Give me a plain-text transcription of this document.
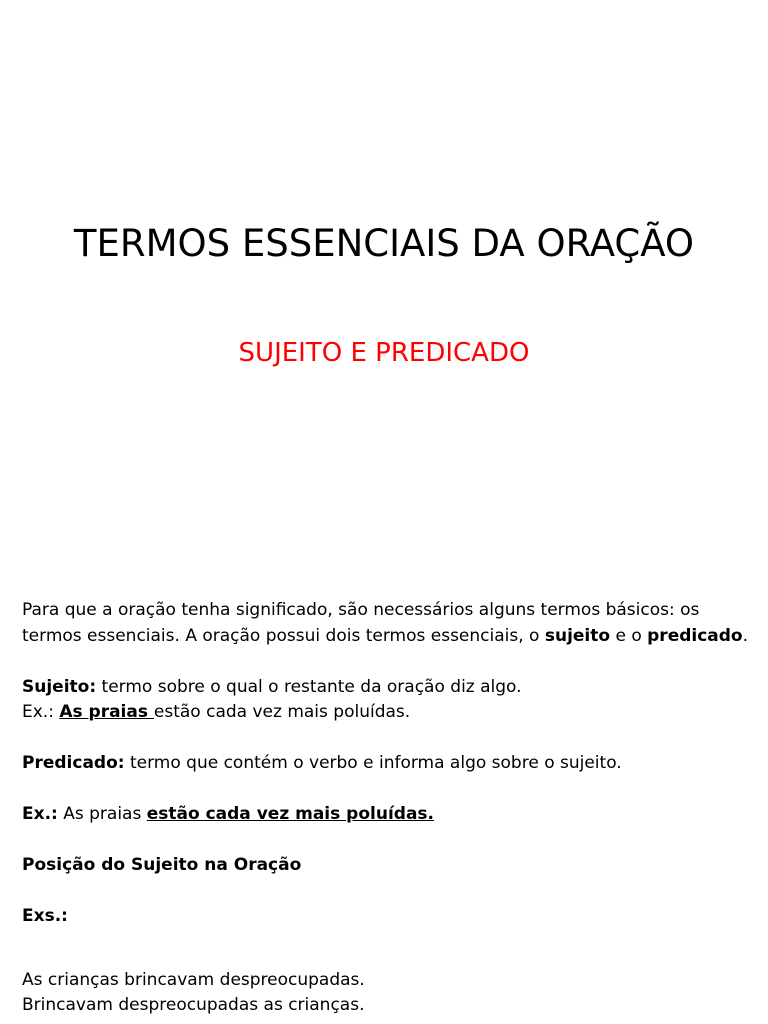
TERMOS ESSENCIAIS DA ORAÇÃO
SUJEITO E PREDICADO

Para que a oração tenha significado, são necessários alguns termos básicos: os termos essenciais. A oração possui dois termos essenciais, o sujeito e o predicado.

Sujeito: termo sobre o qual o restante da oração diz algo.

Ex.: As praias estão cada vez mais poluídas.

Predicado: termo que contém o verbo e informa algo sobre o sujeito.

Ex.: As praias estão cada vez mais poluídas.

Posição do Sujeito na Oração

Exs.:

As crianças brincavam despreocupadas.

Brincavam despreocupadas as crianças.
